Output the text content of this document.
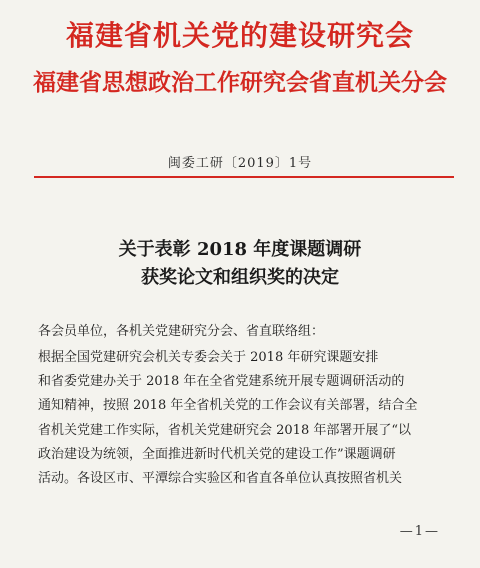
福建省机关党的建设研究会
福建省思想政治工作研究会省直机关分会
闽委工研〔2019〕1号
关于表彰 2018 年度课题调研
获奖论文和组织奖的决定
各会员单位，各机关党建研究分会、省直联络组：
根据全国党建研究会机关专委会关于 2018 年研究课题安排
和省委党建办关于 2018 年在全省党建系统开展专题调研活动的
通知精神，按照 2018 年全省机关党的工作会议有关部署，结合全
省机关党建工作实际，省机关党建研究会 2018 年部署开展了“以
政治建设为统领，全面推进新时代机关党的建设工作”课题调研
活动。各设区市、平潭综合实验区和省直各单位认真按照省机关
—1—
